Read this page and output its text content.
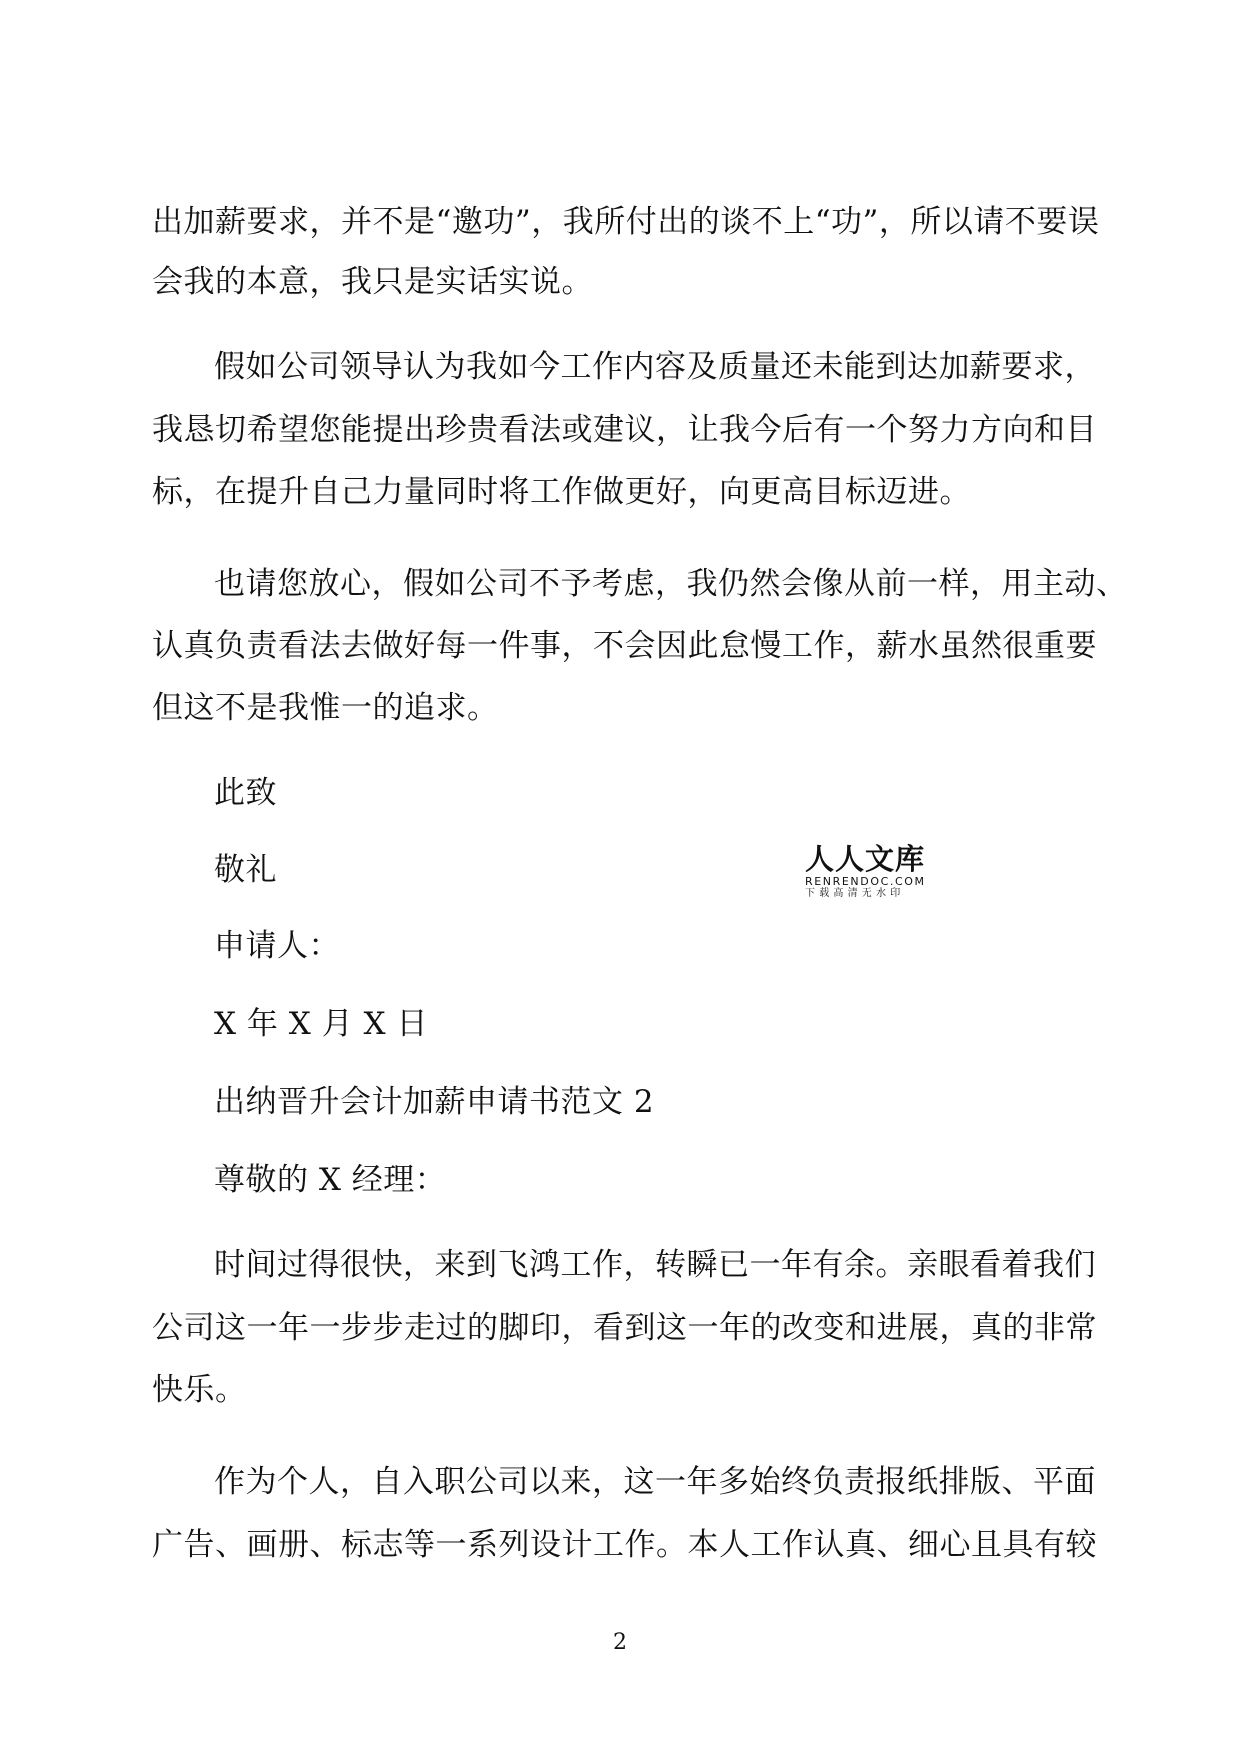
出加薪要求，并不是“邀功”，我所付出的谈不上“功”，所以请不要误
会我的本意，我只是实话实说。
假如公司领导认为我如今工作内容及质量还未能到达加薪要求，
我恳切希望您能提出珍贵看法或建议，让我今后有一个努力方向和目
标，在提升自己力量同时将工作做更好，向更高目标迈进。
也请您放心，假如公司不予考虑，我仍然会像从前一样，用主动、
认真负责看法去做好每一件事，不会因此怠慢工作，薪水虽然很重要
但这不是我惟一的追求。
此致
敬礼
申请人：
X 年 X 月 X 日
出纳晋升会计加薪申请书范文 2
尊敬的 X 经理：
时间过得很快，来到飞鸿工作，转瞬已一年有余。亲眼看着我们
公司这一年一步步走过的脚印，看到这一年的改变和进展，真的非常
快乐。
作为个人，自入职公司以来，这一年多始终负责报纸排版、平面
广告、画册、标志等一系列设计工作。本人工作认真、细心且具有较
人人文库
RENRENDOC.COM
下载高清无水印
2
